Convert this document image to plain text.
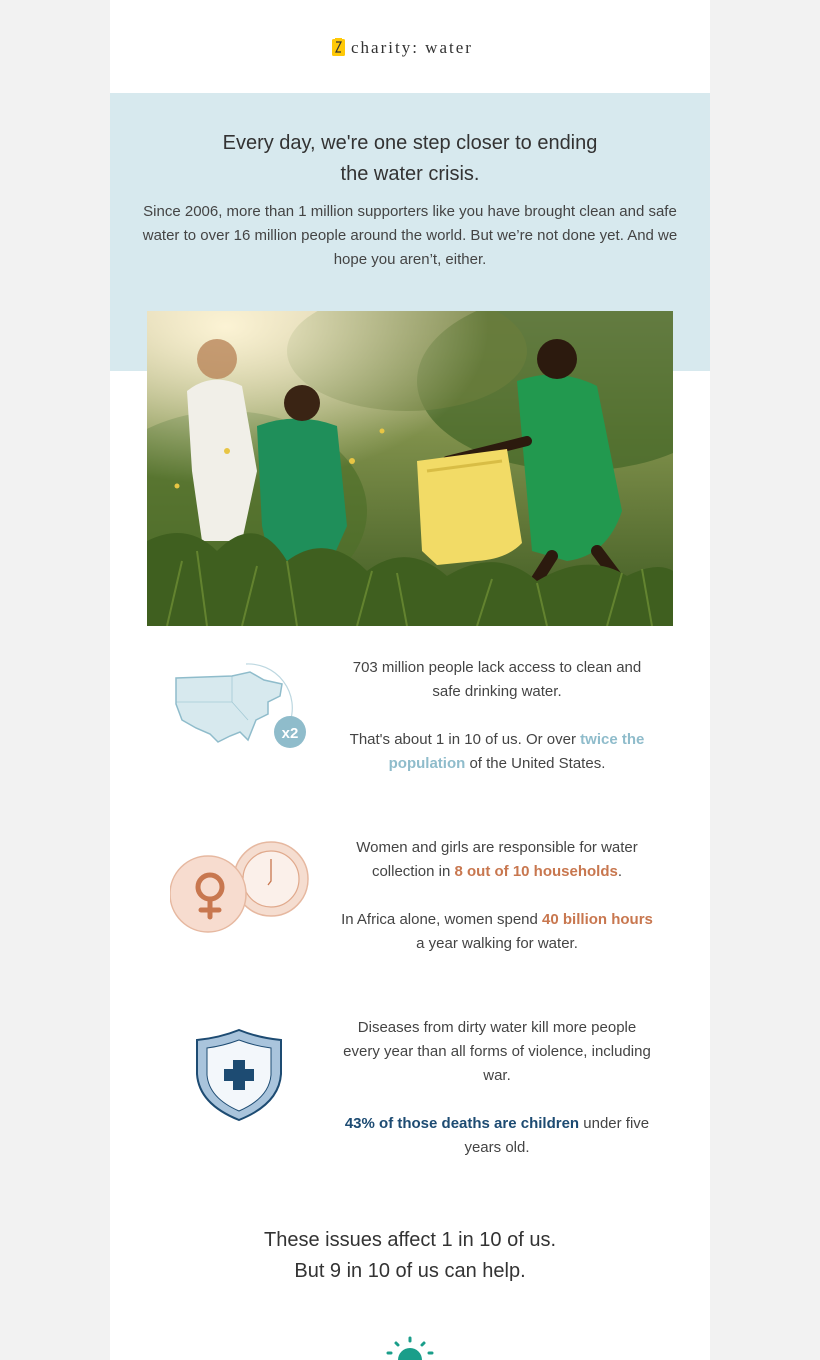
charity: water
Every day, we're one step closer to ending
the water crisis.

Since 2006, more than 1 million supporters like you have brought clean and safe water to over 16 million people around the world. But we’re not done yet. And we hope you aren’t, either.

x2

703 million people lack access to clean and safe drinking water.

That's about 1 in 10 of us. Or over twice the population of the United States.

Women and girls are responsible for water collection in 8 out of 10 households.

In Africa alone, women spend 40 billion hours a year walking for water.

Diseases from dirty water kill more people every year than all forms of violence, including war.

43% of those deaths are children under five years old.

These issues affect 1 in 10 of us.
But 9 in 10 of us can help.
